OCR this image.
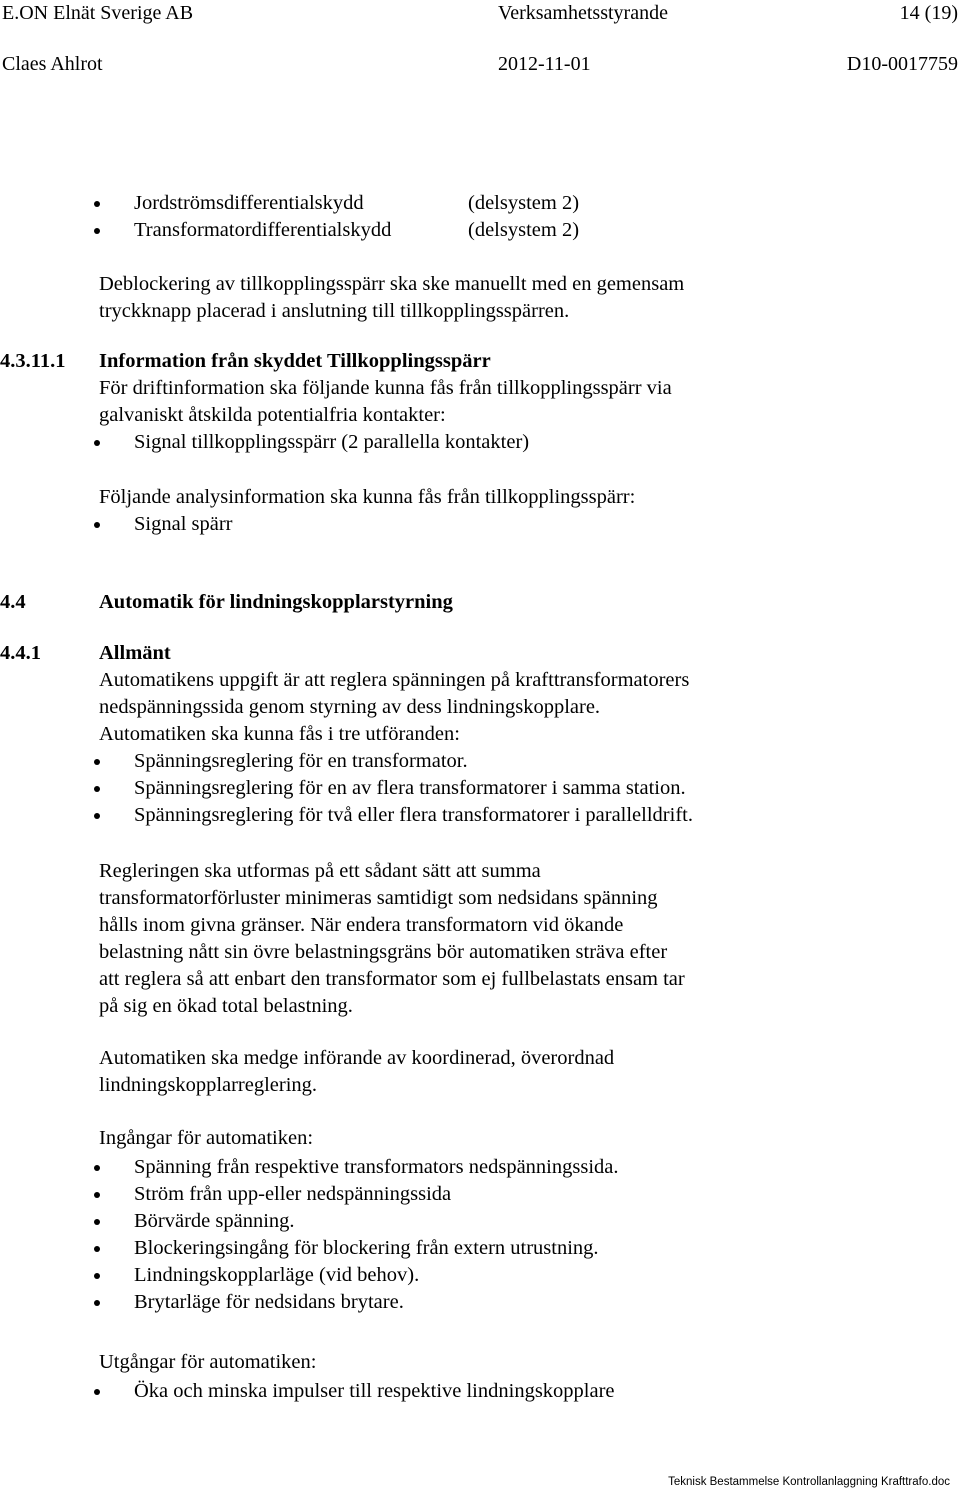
E.ON Elnät Sverige AB	Verksamhetsstyrande	14 (19)
Claes Ahlrot	2012-11-01	D10-0017759
Jordströmsdifferentialskydd	(delsystem 2)
Transformatordifferentialskydd	(delsystem 2)

Deblockering av tillkopplingsspärr ska ske manuellt med en gemensam

tryckknapp placerad i anslutning till tillkopplingsspärren.

4.3.11.1 Information från skyddet Tillkopplingsspärr

För driftinformation ska följande kunna fås från tillkopplingsspärr via

galvaniskt åtskilda potentialfria kontakter:

Signal tillkopplingsspärr (2 parallella kontakter)

Följande analysinformation ska kunna fås från tillkopplingsspärr:

Signal spärr
4.4	Automatik för lindningskopplarstyrning
4.4.1	Allmänt

Automatikens uppgift är att reglera spänningen på krafttransformatorers

nedspänningssida genom styrning av dess lindningskopplare.

Automatiken ska kunna fås i tre utföranden:

Spänningsreglering för en transformator.
Spänningsreglering för en av flera transformatorer i samma station.
Spänningsreglering för två eller flera transformatorer i parallelldrift.

Regleringen ska utformas på ett sådant sätt att summa

transformatorförluster minimeras samtidigt som nedsidans spänning

hålls inom givna gränser. När endera transformatorn vid ökande

belastning nått sin övre belastningsgräns bör automatiken sträva efter

att reglera så att enbart den transformator som ej fullbelastats ensam tar

på sig en ökad total belastning.

Automatiken ska medge införande av koordinerad, överordnad

lindningskopplarreglering.

Ingångar för automatiken:

Spänning från respektive transformators nedspänningssida.
Ström från upp-eller nedspänningssida
Börvärde spänning.
Blockeringsingång för blockering från extern utrustning.
Lindningskopplarläge (vid behov).
Brytarläge för nedsidans brytare.

Utgångar för automatiken:

Öka och minska impulser till respektive lindningskopplare
Teknisk Bestammelse Kontrollanlaggning Krafttrafo.doc
